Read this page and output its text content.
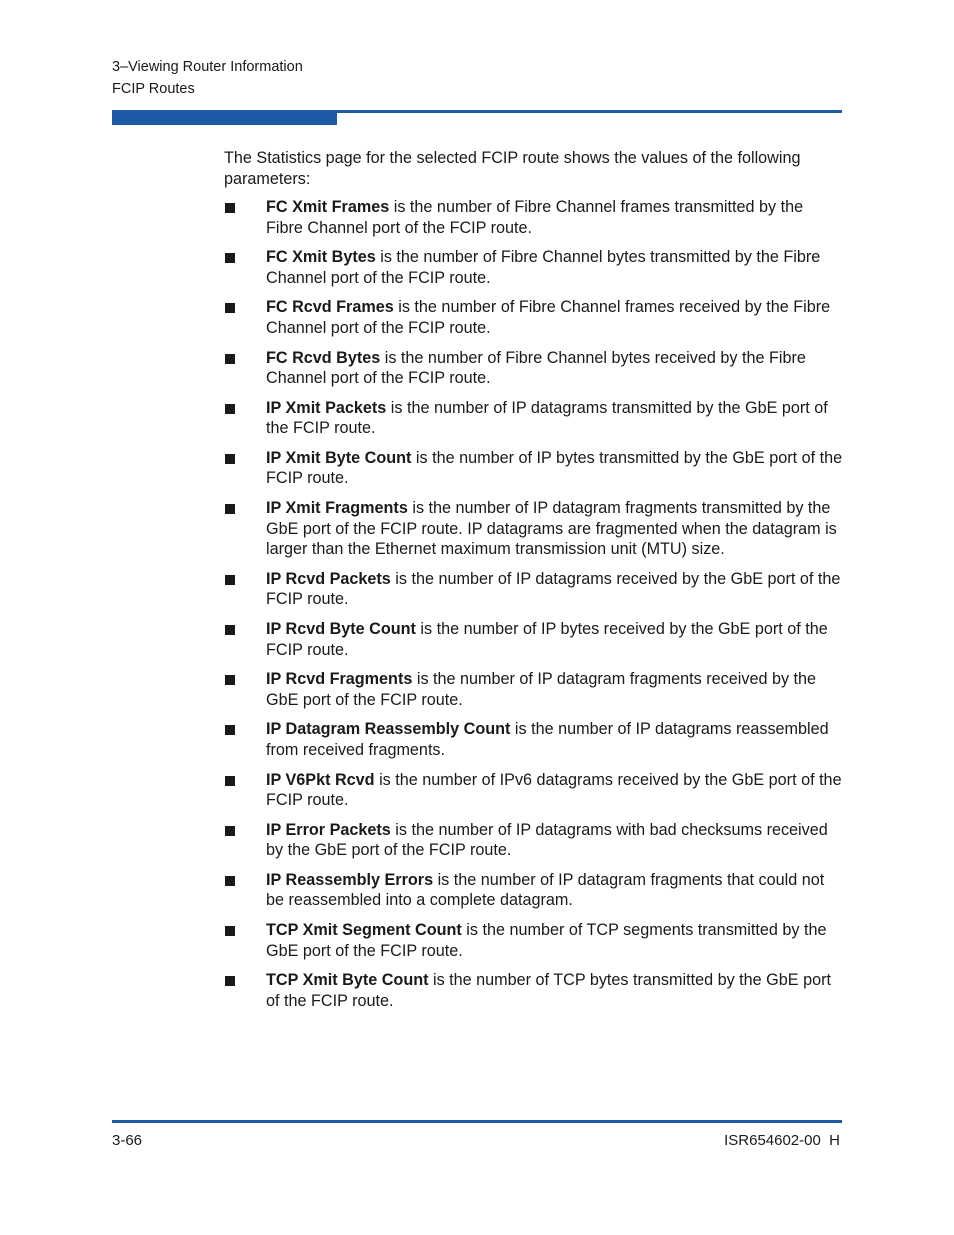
3–Viewing Router Information
FCIP Routes

The Statistics page for the selected FCIP route shows the values of the following parameters:

FC Xmit Frames is the number of Fibre Channel frames transmitted by the Fibre Channel port of the FCIP route.
FC Xmit Bytes is the number of Fibre Channel bytes transmitted by the Fibre Channel port of the FCIP route.
FC Rcvd Frames is the number of Fibre Channel frames received by the Fibre Channel port of the FCIP route.
FC Rcvd Bytes is the number of Fibre Channel bytes received by the Fibre Channel port of the FCIP route.
IP Xmit Packets is the number of IP datagrams transmitted by the GbE port of the FCIP route.
IP Xmit Byte Count is the number of IP bytes transmitted by the GbE port of the FCIP route.
IP Xmit Fragments is the number of IP datagram fragments transmitted by the GbE port of the FCIP route. IP datagrams are fragmented when the datagram is larger than the Ethernet maximum transmission unit (MTU) size.
IP Rcvd Packets is the number of IP datagrams received by the GbE port of the FCIP route.
IP Rcvd Byte Count is the number of IP bytes received by the GbE port of the FCIP route.
IP Rcvd Fragments is the number of IP datagram fragments received by the GbE port of the FCIP route.
IP Datagram Reassembly Count is the number of IP datagrams reassembled from received fragments.
IP V6Pkt Rcvd is the number of IPv6 datagrams received by the GbE port of the FCIP route.
IP Error Packets is the number of IP datagrams with bad checksums received by the GbE port of the FCIP route.
IP Reassembly Errors is the number of IP datagram fragments that could not be reassembled into a complete datagram.
TCP Xmit Segment Count is the number of TCP segments transmitted by the GbE port of the FCIP route.
TCP Xmit Byte Count is the number of TCP bytes transmitted by the GbE port of the FCIP route.
3-66	ISR654602-00  H
